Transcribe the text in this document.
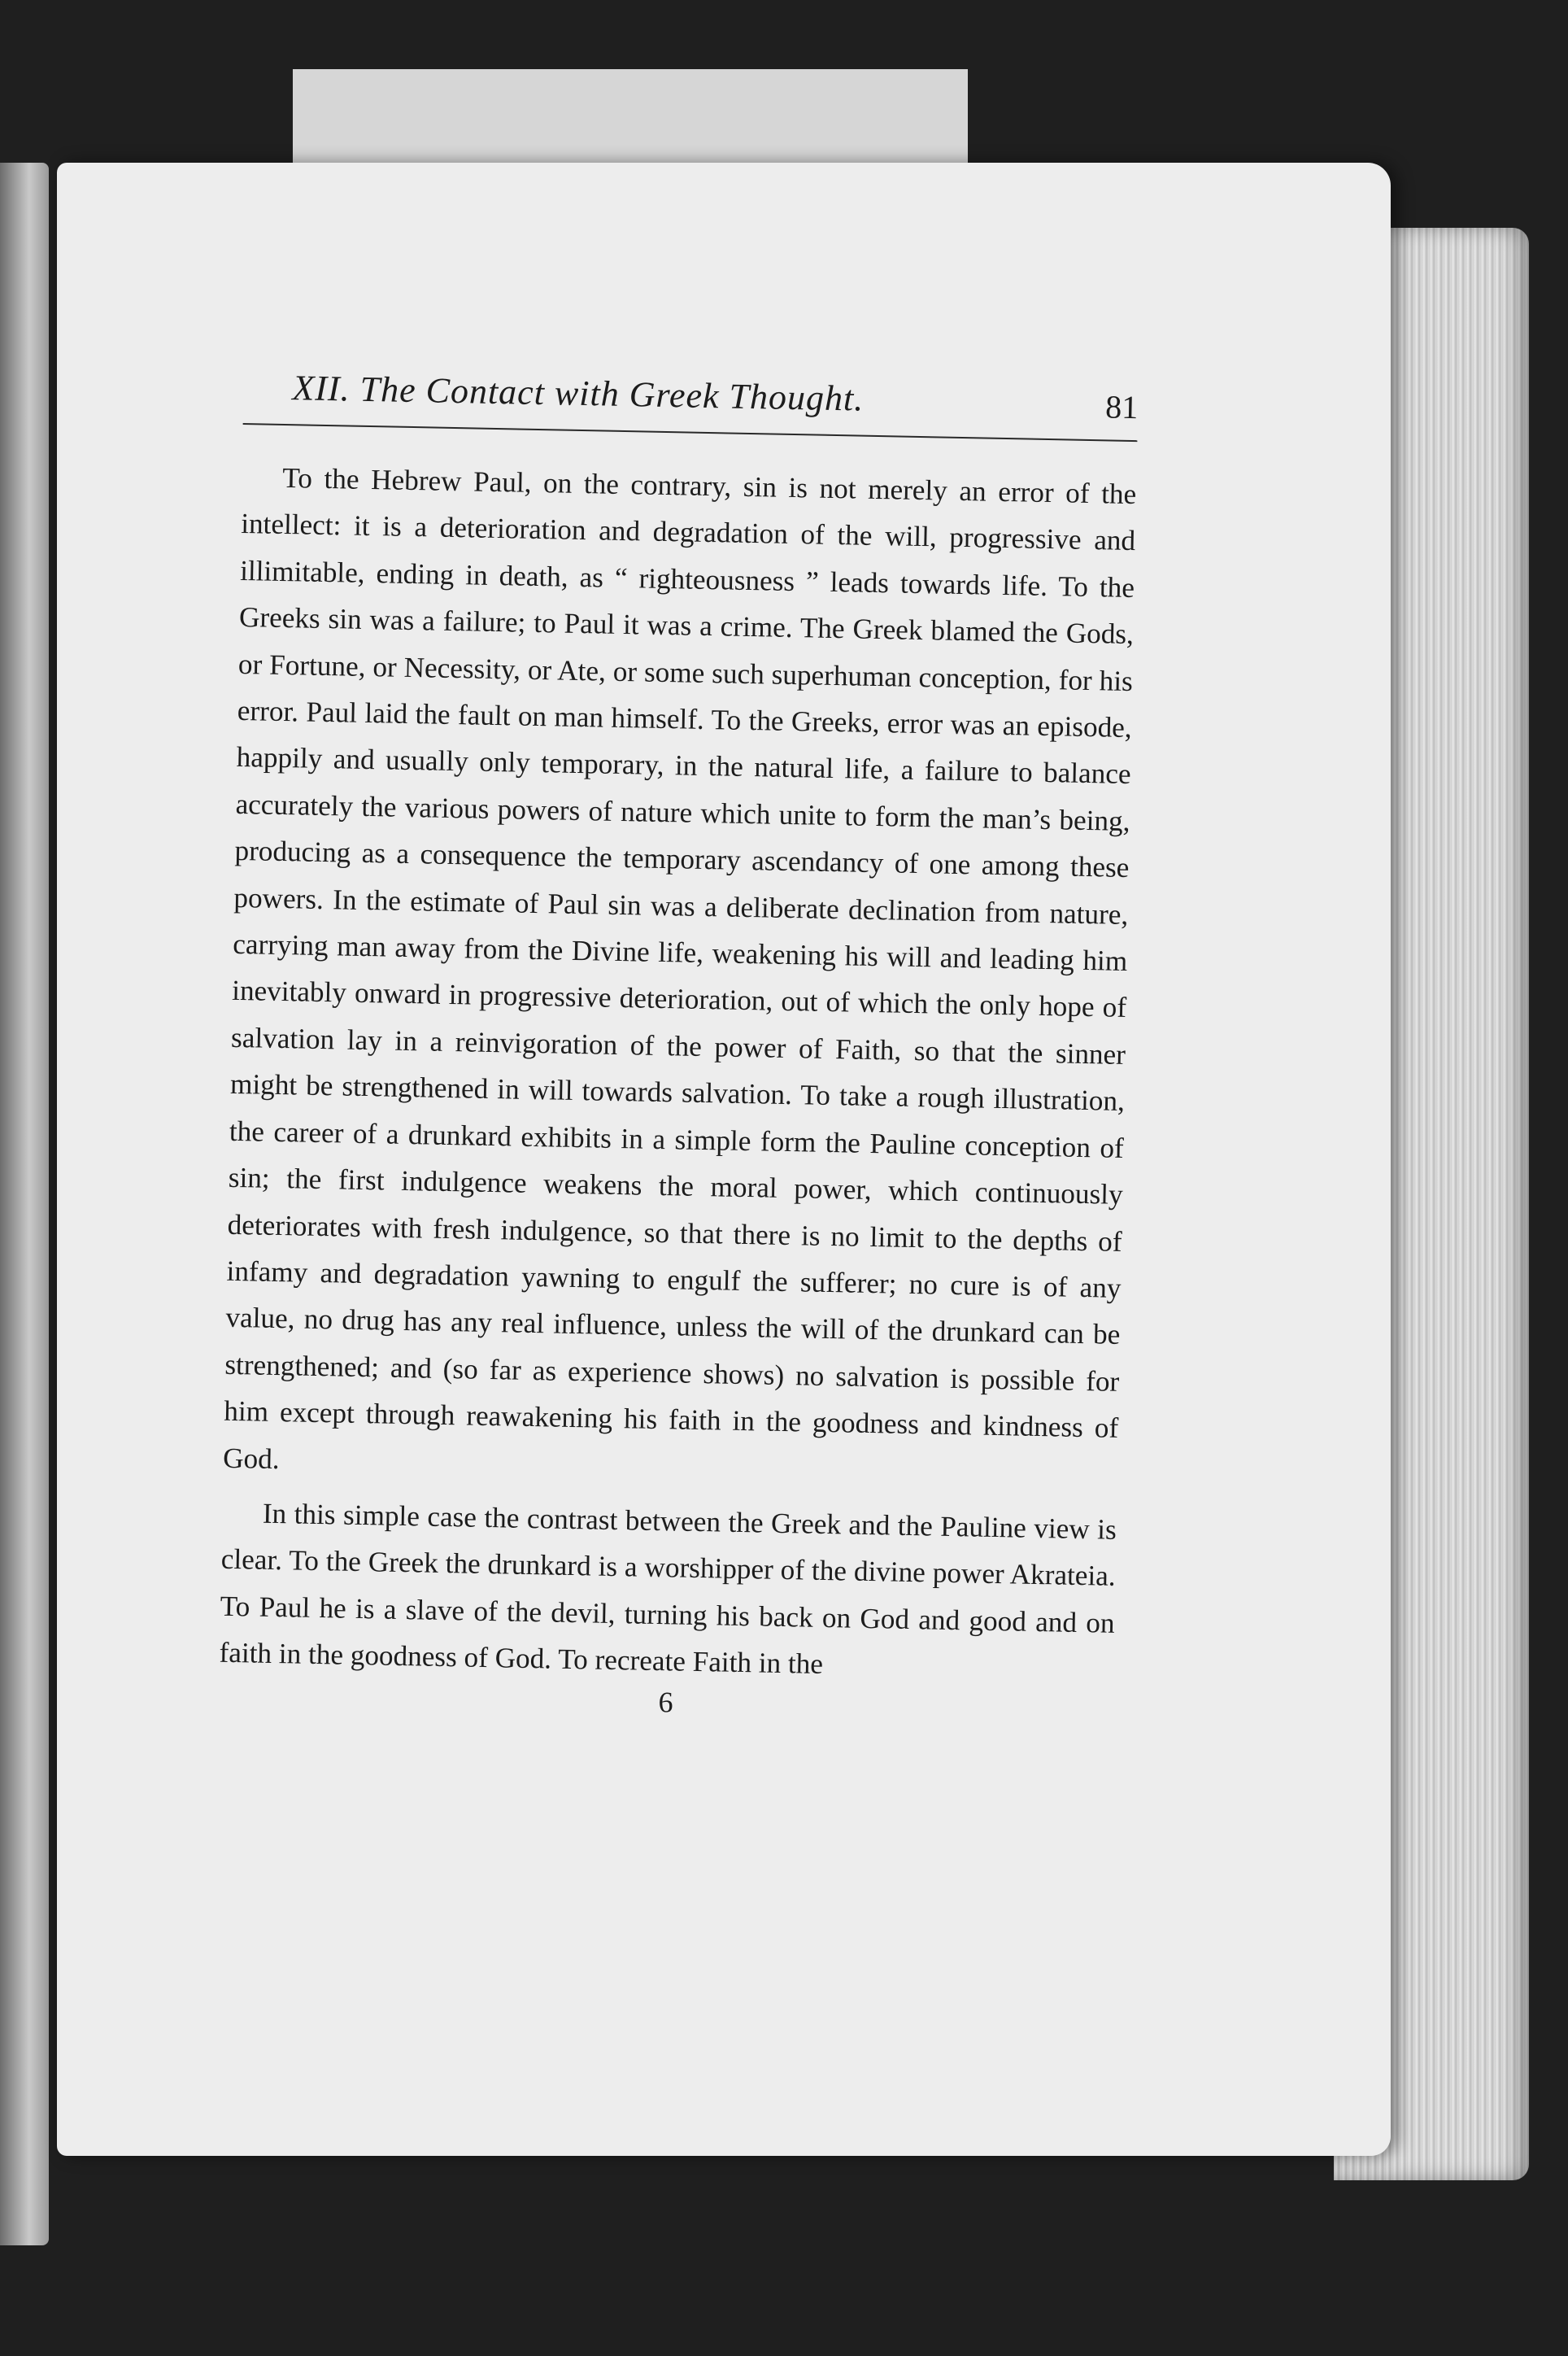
XII. The Contact with Greek Thought.	81

To the Hebrew Paul, on the contrary, sin is not merely an error of the intellect: it is a deterioration and degradation of the will, progressive and illimitable, ending in death, as “ righteousness ” leads towards life. To the Greeks sin was a failure; to Paul it was a crime. The Greek blamed the Gods, or Fortune, or Necessity, or Ate, or some such superhuman conception, for his error. Paul laid the fault on man himself. To the Greeks, error was an episode, happily and usually only temporary, in the natural life, a failure to balance accurately the various powers of nature which unite to form the man’s being, producing as a consequence the temporary ascendancy of one among these powers. In the estimate of Paul sin was a deliberate declination from nature, carrying man away from the Divine life, weakening his will and leading him inevitably onward in progressive deterioration, out of which the only hope of salvation lay in a reinvigoration of the power of Faith, so that the sinner might be strengthened in will towards salvation. To take a rough illustration, the career of a drunkard exhibits in a simple form the Pauline conception of sin; the first indulgence weakens the moral power, which continuously deteriorates with fresh indulgence, so that there is no limit to the depths of infamy and degradation yawning to engulf the sufferer; no cure is of any value, no drug has any real influence, unless the will of the drunkard can be strengthened; and (so far as experience shows) no salvation is possible for him except through reawakening his faith in the goodness and kindness of God.

In this simple case the contrast between the Greek and the Pauline view is clear. To the Greek the drunkard is a worshipper of the divine power Akrateia. To Paul he is a slave of the devil, turning his back on God and good and on faith in the goodness of God. To recreate Faith in the

6
